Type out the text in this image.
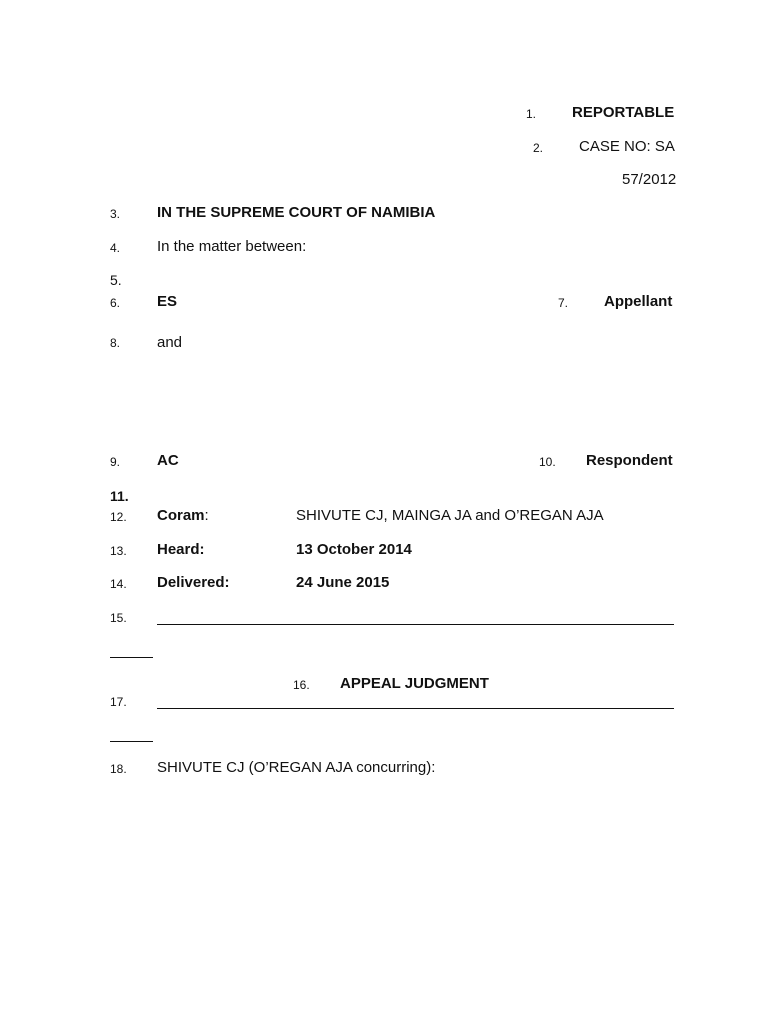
1. REPORTABLE
2. CASE NO: SA
57/2012
3. IN THE SUPREME COURT OF NAMIBIA
4. In the matter between:
5.
6. ES	7. Appellant
8. and
9. AC	10. Respondent
11.
12. Coram:	SHIVUTE CJ, MAINGA JA and O’REGAN AJA
13. Heard:	13 October 2014
14. Delivered:	24 June 2015
15.
16. APPEAL JUDGMENT
17.
18. SHIVUTE CJ (O’REGAN AJA concurring):
